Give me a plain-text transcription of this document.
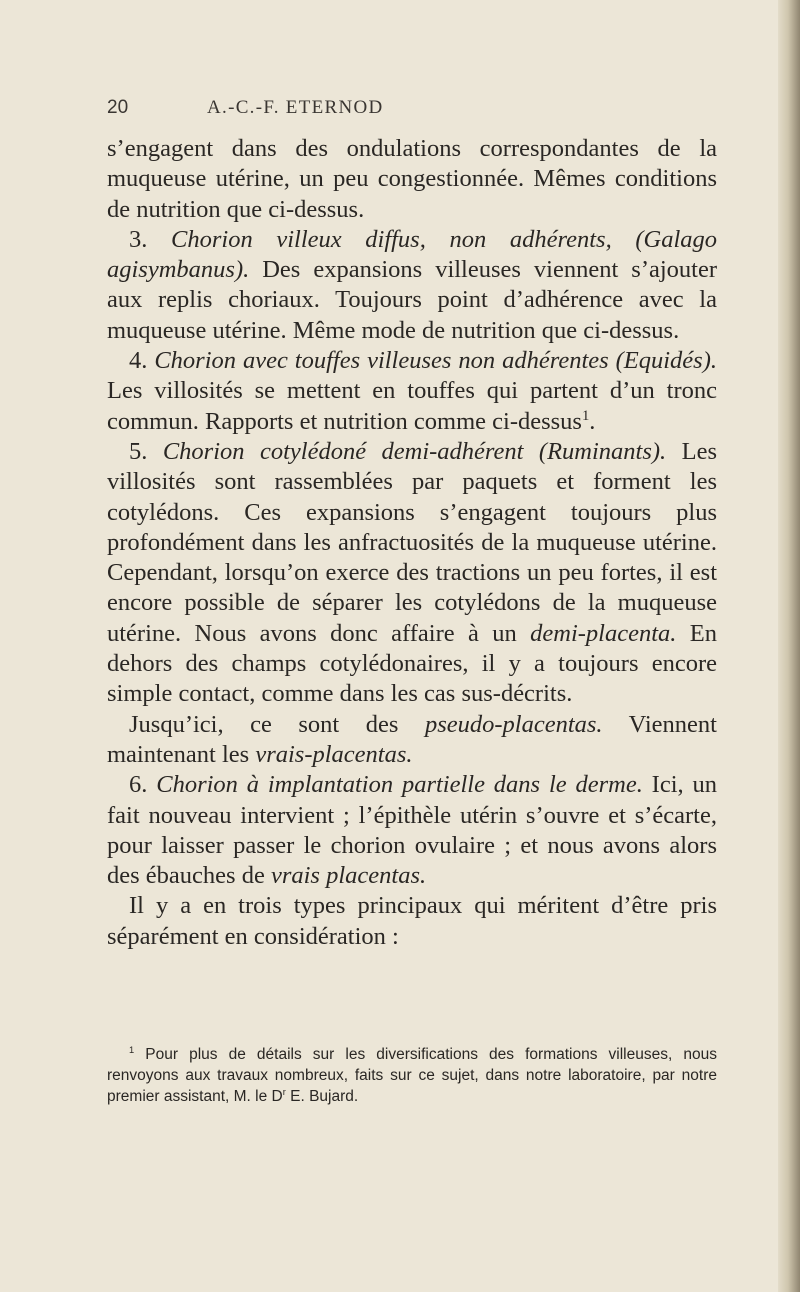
20	A.-C.-F. ETERNOD

s’engagent dans des ondulations correspondantes de la muqueuse utérine, un peu congestionnée. Mêmes conditions de nutrition que ci-dessus.

3. Chorion villeux diffus, non adhérents, (Galago agisymbanus). Des expansions villeuses viennent s’ajouter aux replis choriaux. Toujours point d’adhérence avec la muqueuse utérine. Même mode de nutrition que ci-dessus.

4. Chorion avec touffes villeuses non adhérentes (Equidés). Les villosités se mettent en touffes qui partent d’un tronc commun. Rapports et nutrition comme ci-dessus$^1$.

5. Chorion cotylédoné demi-adhérent (Ruminants). Les villosités sont rassemblées par paquets et forment les cotylédons. Ces expansions s’engagent toujours plus profondément dans les anfractuosités de la muqueuse utérine. Cependant, lorsqu’on exerce des tractions un peu fortes, il est encore possible de séparer les cotylédons de la muqueuse utérine. Nous avons donc affaire à un demi-placenta. En dehors des champs cotylédonaires, il y a toujours encore simple contact, comme dans les cas sus-décrits.

Jusqu’ici, ce sont des pseudo-placentas. Viennent maintenant les vrais-placentas.

6. Chorion à implantation partielle dans le derme. Ici, un fait nouveau intervient ; l’épithèle utérin s’ouvre et s’écarte, pour laisser passer le chorion ovulaire ; et nous avons alors des ébauches de vrais placentas.

Il y a en trois types principaux qui méritent d’être pris séparément en considération :

$^1$ Pour plus de détails sur les diversifications des formations villeuses, nous renvoyons aux travaux nombreux, faits sur ce sujet, dans notre laboratoire, par notre premier assistant, M. le $D^r$ E. Bujard.
